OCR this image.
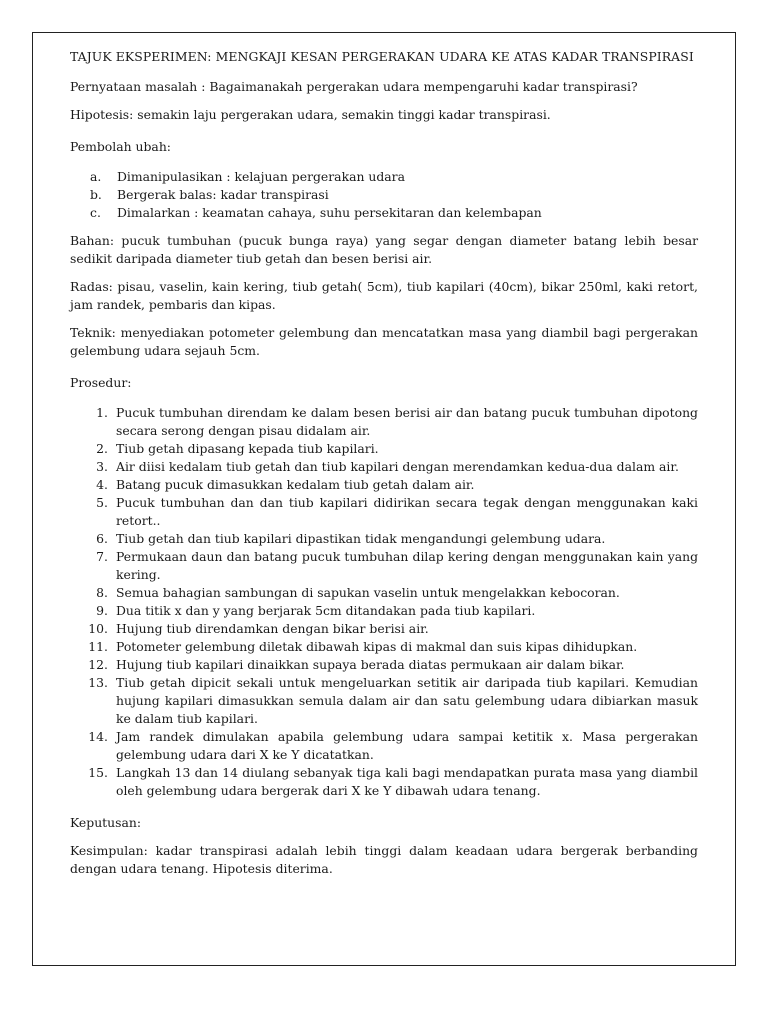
TAJUK EKSPERIMEN: MENGKAJI KESAN PERGERAKAN UDARA KE ATAS KADAR TRANSPIRASI

Pernyataan masalah : Bagaimanakah pergerakan udara mempengaruhi kadar transpirasi?

Hipotesis: semakin laju pergerakan udara, semakin tinggi kadar transpirasi.

Pembolah ubah:

a.	Dimanipulasikan : kelajuan pergerakan udara
b.	Bergerak balas: kadar transpirasi
c.	Dimalarkan : keamatan cahaya, suhu persekitaran dan kelembapan

Bahan: pucuk tumbuhan (pucuk bunga raya) yang segar dengan diameter batang lebih besar sedikit daripada diameter tiub getah dan besen berisi air.

Radas: pisau, vaselin, kain kering, tiub getah( 5cm), tiub kapilari (40cm), bikar 250ml, kaki retort, jam randek, pembaris dan kipas.

Teknik: menyediakan potometer gelembung dan mencatatkan masa yang diambil bagi pergerakan gelembung udara sejauh 5cm.

Prosedur:

1. Pucuk tumbuhan direndam ke dalam besen berisi air dan batang pucuk tumbuhan dipotong secara serong dengan pisau didalam air.
2. Tiub getah dipasang kepada tiub kapilari.
3. Air diisi kedalam tiub getah dan tiub kapilari dengan merendamkan kedua-dua dalam air.
4. Batang pucuk dimasukkan kedalam tiub getah dalam air.
5. Pucuk tumbuhan dan dan tiub kapilari didirikan secara tegak dengan menggunakan kaki retort..
6. Tiub getah dan tiub kapilari dipastikan tidak mengandungi gelembung udara.
7. Permukaan daun dan batang pucuk tumbuhan dilap kering dengan menggunakan kain yang kering.
8. Semua bahagian sambungan di sapukan vaselin untuk mengelakkan kebocoran.
9. Dua titik x dan y yang berjarak 5cm ditandakan pada tiub kapilari.
10. Hujung tiub direndamkan dengan bikar berisi air.
11. Potometer gelembung diletak dibawah kipas di makmal dan suis kipas dihidupkan.
12. Hujung tiub kapilari dinaikkan supaya berada diatas permukaan air dalam bikar.
13. Tiub getah dipicit sekali untuk mengeluarkan setitik air daripada tiub kapilari. Kemudian hujung kapilari dimasukkan semula dalam air dan satu gelembung udara dibiarkan masuk ke dalam tiub kapilari.
14. Jam randek dimulakan apabila gelembung udara sampai ketitik x. Masa pergerakan gelembung udara dari X ke Y dicatatkan.
15. Langkah 13 dan 14 diulang sebanyak tiga kali bagi mendapatkan purata masa yang diambil oleh gelembung udara bergerak dari X ke Y dibawah udara tenang.

Keputusan:

Kesimpulan: kadar transpirasi adalah lebih tinggi dalam keadaan udara bergerak berbanding dengan udara tenang. Hipotesis diterima.
